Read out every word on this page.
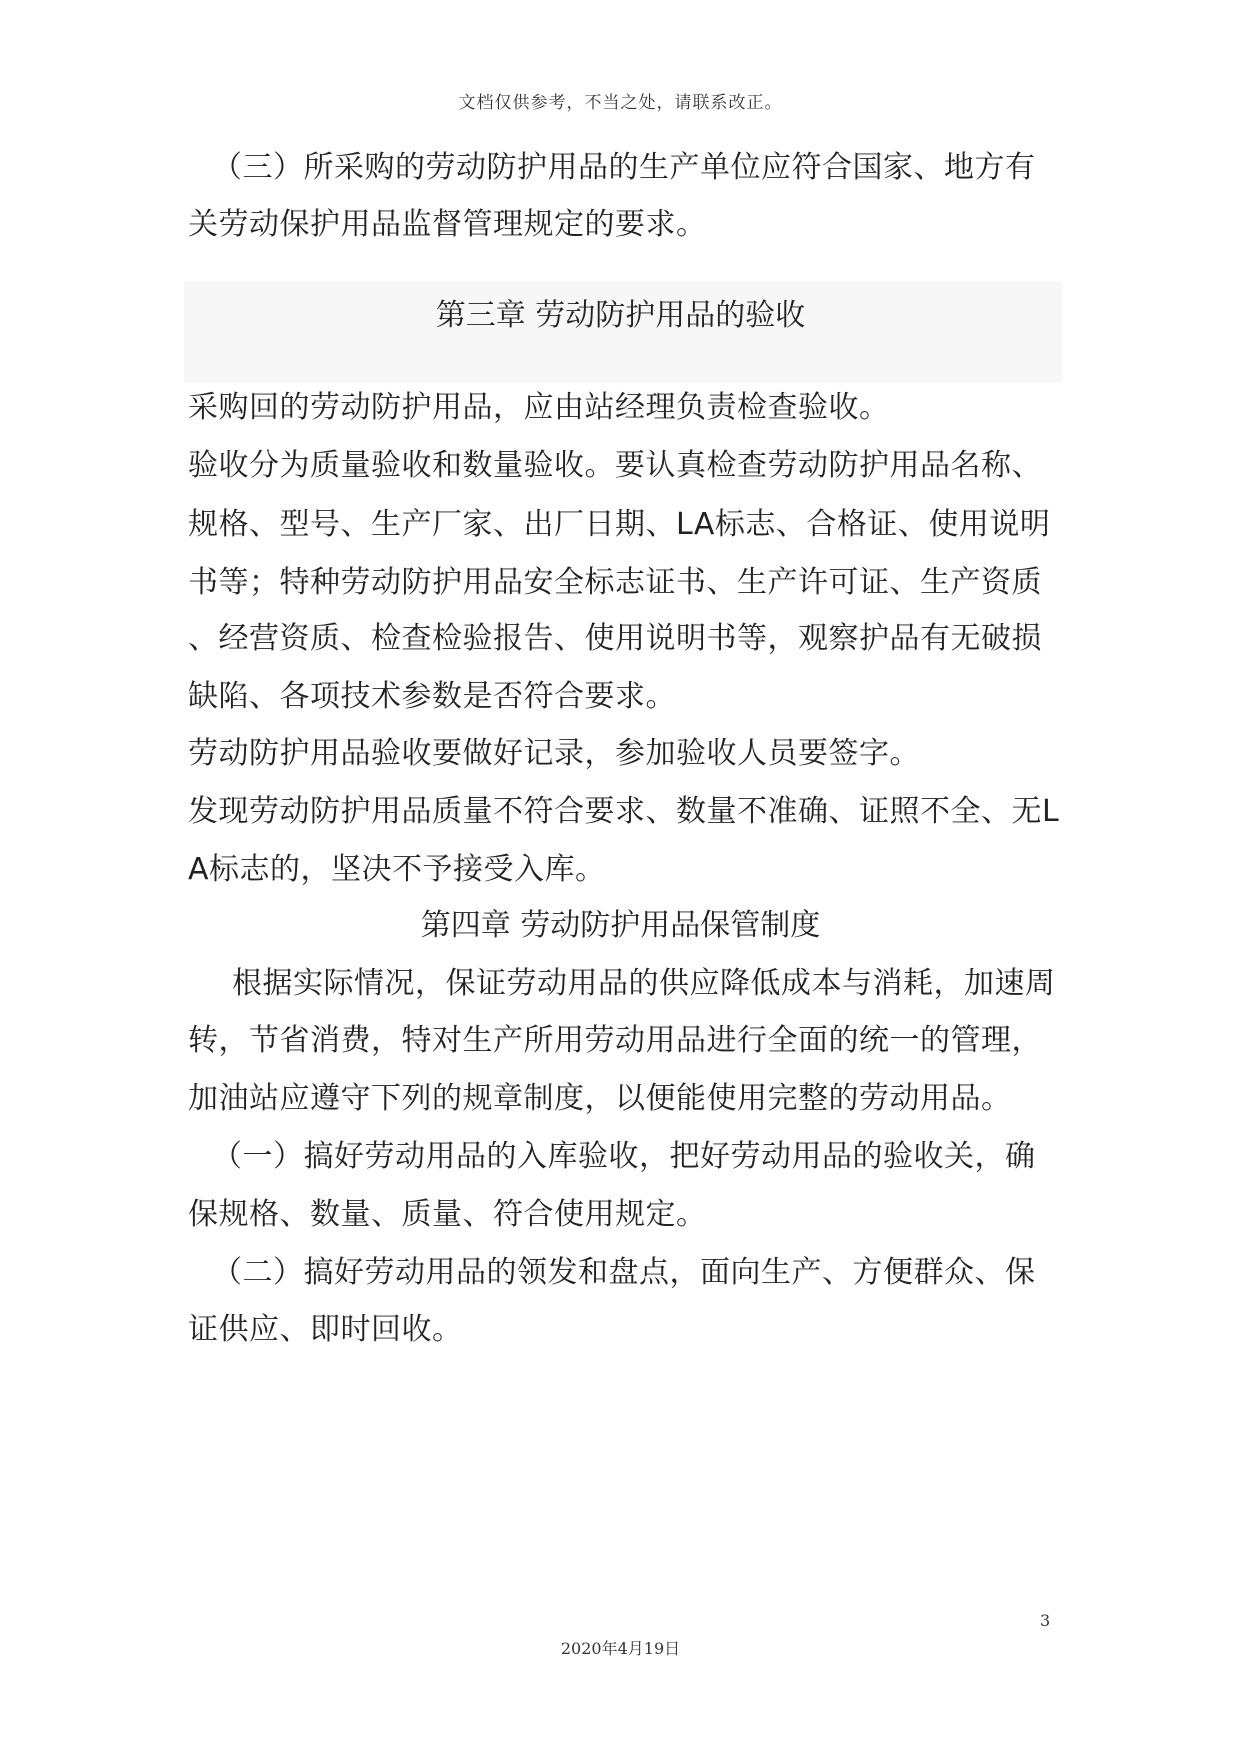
文档仅供参考，不当之处，请联系改正。
（三）所采购的劳动防护用品的生产单位应符合国家、地方有
关劳动保护用品监督管理规定的要求。
第三章 劳动防护用品的验收
采购回的劳动防护用品，应由站经理负责检查验收。
验收分为质量验收和数量验收。要认真检查劳动防护用品名称、
规格、型号、生产厂家、出厂日期、LA标志、合格证、使用说明
书等；特种劳动防护用品安全标志证书、生产许可证、生产资质
、经营资质、检查检验报告、使用说明书等，观察护品有无破损
缺陷、各项技术参数是否符合要求。
劳动防护用品验收要做好记录，参加验收人员要签字。
发现劳动防护用品质量不符合要求、数量不准确、证照不全、无L
A标志的，坚决不予接受入库。
第四章 劳动防护用品保管制度
根据实际情况，保证劳动用品的供应降低成本与消耗，加速周
转，节省消费，特对生产所用劳动用品进行全面的统一的管理，
加油站应遵守下列的规章制度，以便能使用完整的劳动用品。
（一）搞好劳动用品的入库验收，把好劳动用品的验收关，确
保规格、数量、质量、符合使用规定。
（二）搞好劳动用品的领发和盘点，面向生产、方便群众、保
证供应、即时回收。
3
2020年4月19日
